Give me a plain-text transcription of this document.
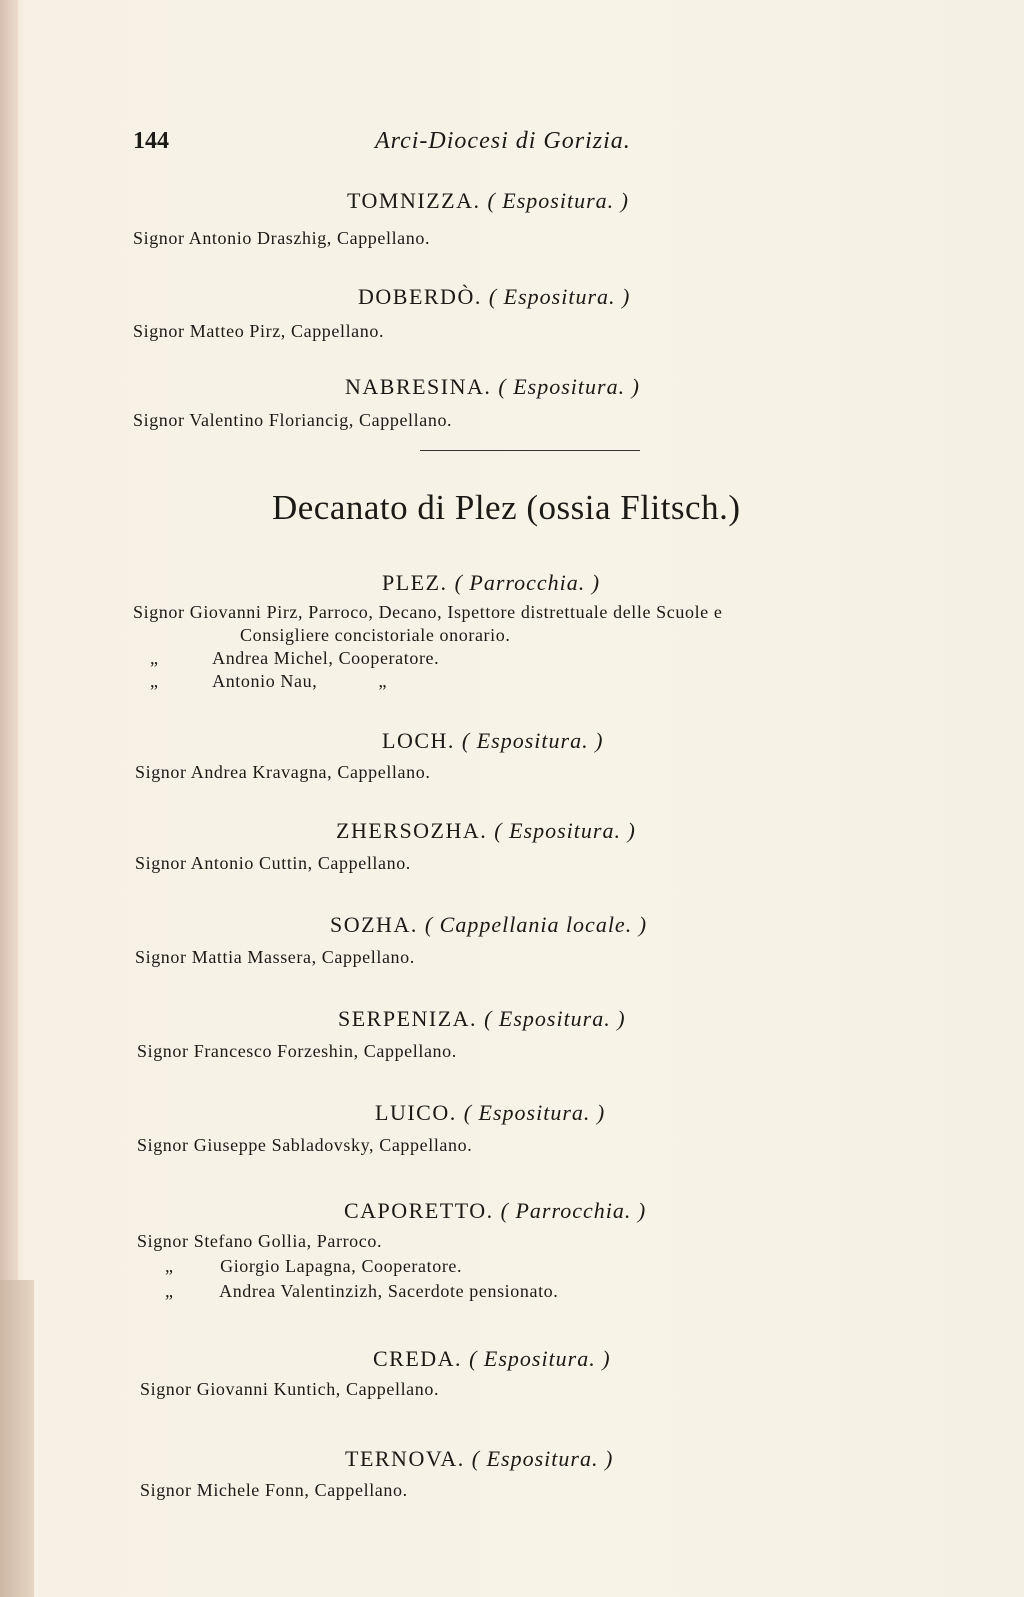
144	Arci-Diocesi di Gorizia.
TOMNIZZA. ( Espositura. )
Signor Antonio Draszhig, Cappellano.
DOBERDÒ. ( Espositura. )
Signor Matteo Pirz, Cappellano.
NABRESINA. ( Espositura. )
Signor Valentino Floriancig, Cappellano.
Decanato di Plez (ossia Flitsch.)
PLEZ. ( Parrocchia. )
Signor Giovanni Pirz, Parroco, Decano, Ispettore distrettuale delle Scuole e
Consigliere concistoriale onorario.
„	Andrea Michel, Cooperatore.
„	Antonio Nau,            „
LOCH. ( Espositura. )
Signor Andrea Kravagna, Cappellano.
ZHERSOZHA. ( Espositura. )
Signor Antonio Cuttin, Cappellano.
SOZHA. ( Cappellania locale. )
Signor Mattia Massera, Cappellano.
SERPENIZA. ( Espositura. )
Signor Francesco Forzeshin, Cappellano.
LUICO. ( Espositura. )
Signor Giuseppe Sabladovsky, Cappellano.
CAPORETTO. ( Parrocchia. )
Signor Stefano Gollia, Parroco.
„	Giorgio Lapagna, Cooperatore.
„	Andrea Valentinzizh, Sacerdote pensionato.
CREDA. ( Espositura. )
Signor Giovanni Kuntich, Cappellano.
TERNOVA. ( Espositura. )
Signor Michele Fonn, Cappellano.
